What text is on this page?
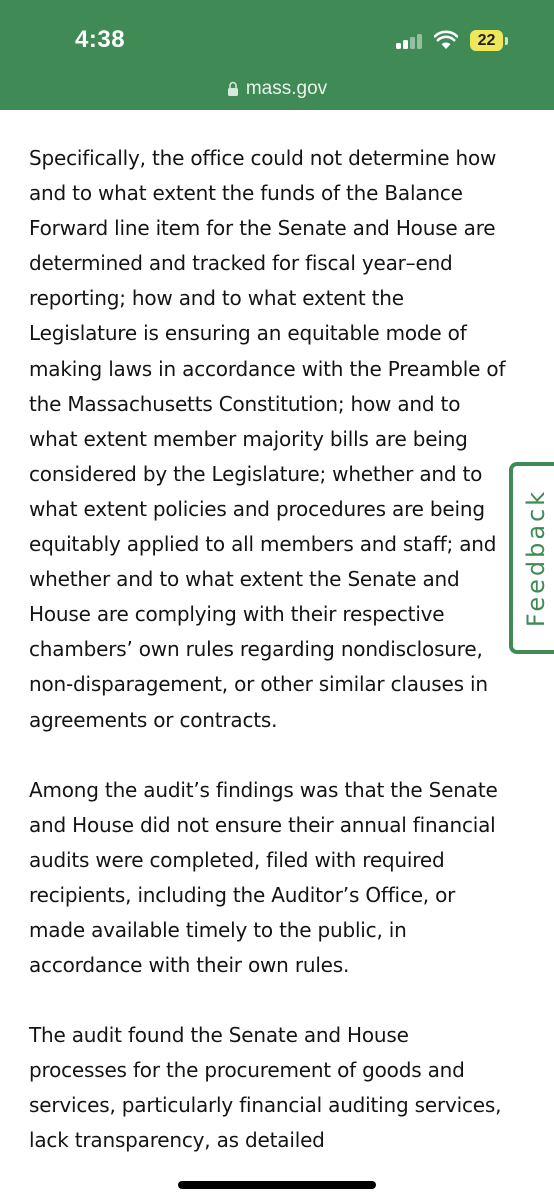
4:38	22
mass.gov

Specifically, the office could not determine how and to what extent the funds of the Balance Forward line item for the Senate and House are determined and tracked for fiscal year–end reporting; how and to what extent the Legislature is ensuring an equitable mode of making laws in accordance with the Preamble of the Massachusetts Constitution; how and to what extent member majority bills are being considered by the Legislature; whether and to what extent policies and procedures are being equitably applied to all members and staff; and whether and to what extent the Senate and House are complying with their respective chambers’ own rules regarding nondisclosure, non-disparagement, or other similar clauses in agreements or contracts.

Among the audit’s findings was that the Senate and House did not ensure their annual financial audits were completed, filed with required recipients, including the Auditor’s Office, or made available timely to the public, in accordance with their own rules.

The audit found the Senate and House processes for the procurement of goods and services, particularly financial auditing services, lack transparency, as detailed

Feedback
